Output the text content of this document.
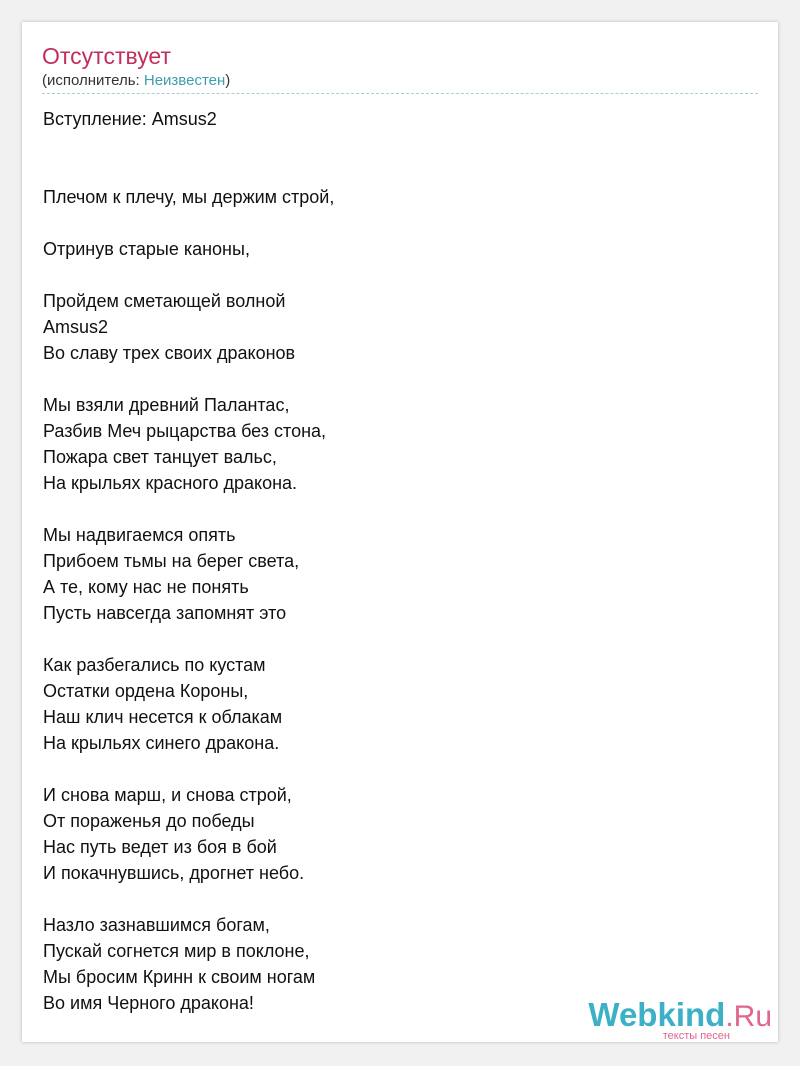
Отсутствует
(исполнитель: Неизвестен)
Вступление: Amsus2
Плечом к плечу, мы держим строй,
Отринув старые каноны,
Пройдем сметающей волной
Amsus2
Во славу трех своих драконов
Мы взяли древний Палантас,
Разбив Меч рыцарства без стона,
Пожара свет танцует вальс,
На крыльях красного дракона.
Мы надвигаемся опять
Прибоем тьмы на берег света,
А те, кому нас не понять
Пусть навсегда запомнят это
Как разбегались по кустам
Остатки ордена Короны,
Наш клич несется к облакам
На крыльях синего дракона.
И снова марш, и снова строй,
От пораженья до победы
Нас путь ведет из боя в бой
И покачнувшись, дрогнет небо.
Назло зазнавшимся богам,
Пускай согнется мир в поклоне,
Мы бросим Кринн к своим ногам
Во имя Черного дракона!	Webkind.Ru
тексты песен
